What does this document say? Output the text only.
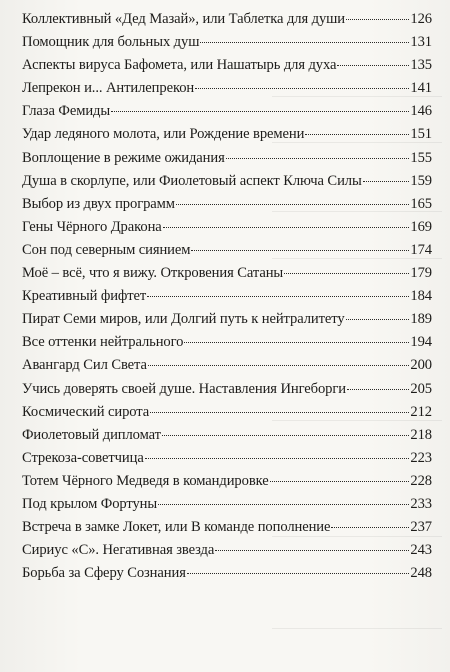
Коллективный «Дед Мазай», или Таблетка для души	126
Помощник для больных душ	131
Аспекты вируса Бафомета, или Нашатырь для духа	135
Лепрекон и... Антилепрекон	141
Глаза Фемиды	146
Удар ледяного молота, или Рождение времени	151
Воплощение в режиме ожидания	155
Душа в скорлупе, или Фиолетовый аспект Ключа Силы	159
Выбор из двух программ	165
Гены Чёрного Дракона	169
Сон под северным сиянием	174
Моё – всё, что я вижу. Откровения Сатаны	179
Креативный фифтет	184
Пират Семи миров, или Долгий путь к нейтралитету	189
Все оттенки нейтрального	194
Авангард Сил Света	200
Учись доверять своей душе. Наставления Ингеборги	205
Космический сирота	212
Фиолетовый дипломат	218
Стрекоза-советчица	223
Тотем Чёрного Медведя в командировке	228
Под крылом Фортуны	233
Встреча в замке Локет, или В команде пополнение	237
Сириус «С». Негативная звезда	243
Борьба за Сферу Сознания	248
